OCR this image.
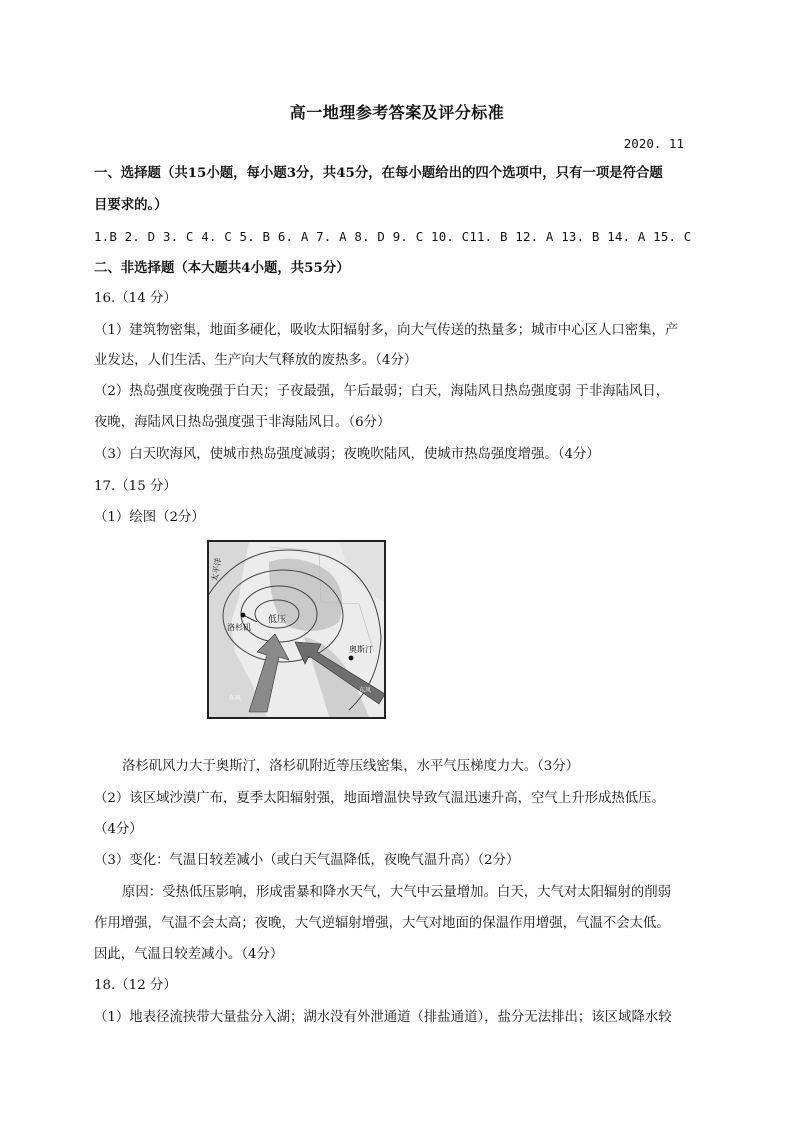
高一地理参考答案及评分标准
2020. 11
一、选择题（共15小题，每小题3分，共45分，在每小题给出的四个选项中，只有一项是符合题
目要求的。）
1.B 2. D 3. C 4. C 5. B 6. A 7. A 8. D 9. C 10. C11. B 12. A 13. B 14. A 15. C
二、非选择题（本大题共4小题，共55分）
16.（14 分）
（1）建筑物密集，地面多硬化，吸收太阳辐射多，向大气传送的热量多；城市中心区人口密集，产
业发达，人们生活、生产向大气释放的废热多。（4分）
（2）热岛强度夜晚强于白天；子夜最强，午后最弱；白天，海陆风日热岛强度弱 于非海陆风日，
夜晚，海陆风日热岛强度强于非海陆风日。（6分）
（3）白天吹海风，使城市热岛强度减弱；夜晚吹陆风，使城市热岛强度增强。（4分）
17.（15 分）
（1）绘图（2分）
太平洋
洛杉矶
低压
奥斯汀
东风
东风
洛杉矶风力大于奥斯汀，洛杉矶附近等压线密集，水平气压梯度力大。（3分）
（2）该区域沙漠广布，夏季太阳辐射强，地面增温快导致气温迅速升高，空气上升形成热低压。
（4分）
（3）变化：气温日较差减小（或白天气温降低，夜晚气温升高）（2分）
原因：受热低压影响，形成雷暴和降水天气，大气中云量增加。白天，大气对太阳辐射的削弱
作用增强，气温不会太高；夜晚，大气逆辐射增强，大气对地面的保温作用增强，气温不会太低。
因此，气温日较差减小。（4分）
18.（12 分）
（1）地表径流挟带大量盐分入湖；湖水没有外泄通道（排盐通道），盐分无法排出；该区域降水较
